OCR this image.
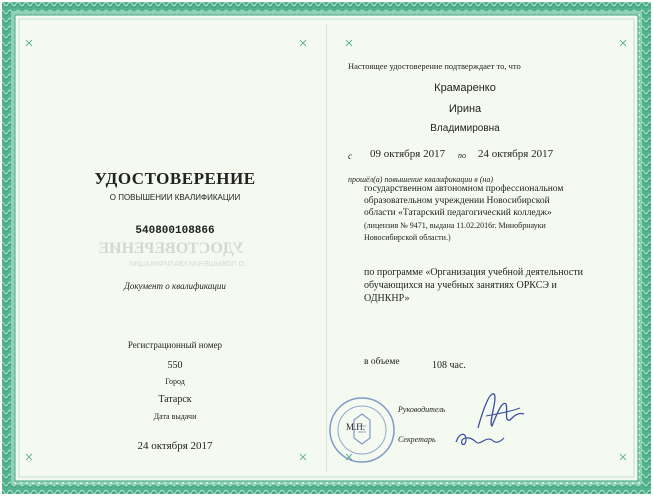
УДОСТОВЕРЕНИЕ
О ПОВЫШЕНИИ КВАЛИФИКАЦИИ
540800108866
УДОСТОВЕРЕНИЕ
О ПОВЫШЕНИИ КВАЛИФИКАЦИИ
Документ о квалификации
Регистрационный номер
550
Город
Татарск
Дата выдачи
24 октября 2017
Настоящее удостоверение подтверждает то, что
Крамаренко
Ирина
Владимировна
с 09 октября 2017 по 24 октября 2017
прошёл(а) повышение квалификации в (на)
государственном автономном профессиональном
образовательном учреждении Новосибирской
области «Татарский педагогический колледж»
(лицензия № 9471, выдана 11.02.2016г. Минобрнауки
Новосибирской области.)
по программе «Организация учебной деятельности
обучающихся на учебных занятиях ОРКСЭ и
ОДНКНР»
в объеме	108 час.
Руководитель
М.П.
Секретарь
